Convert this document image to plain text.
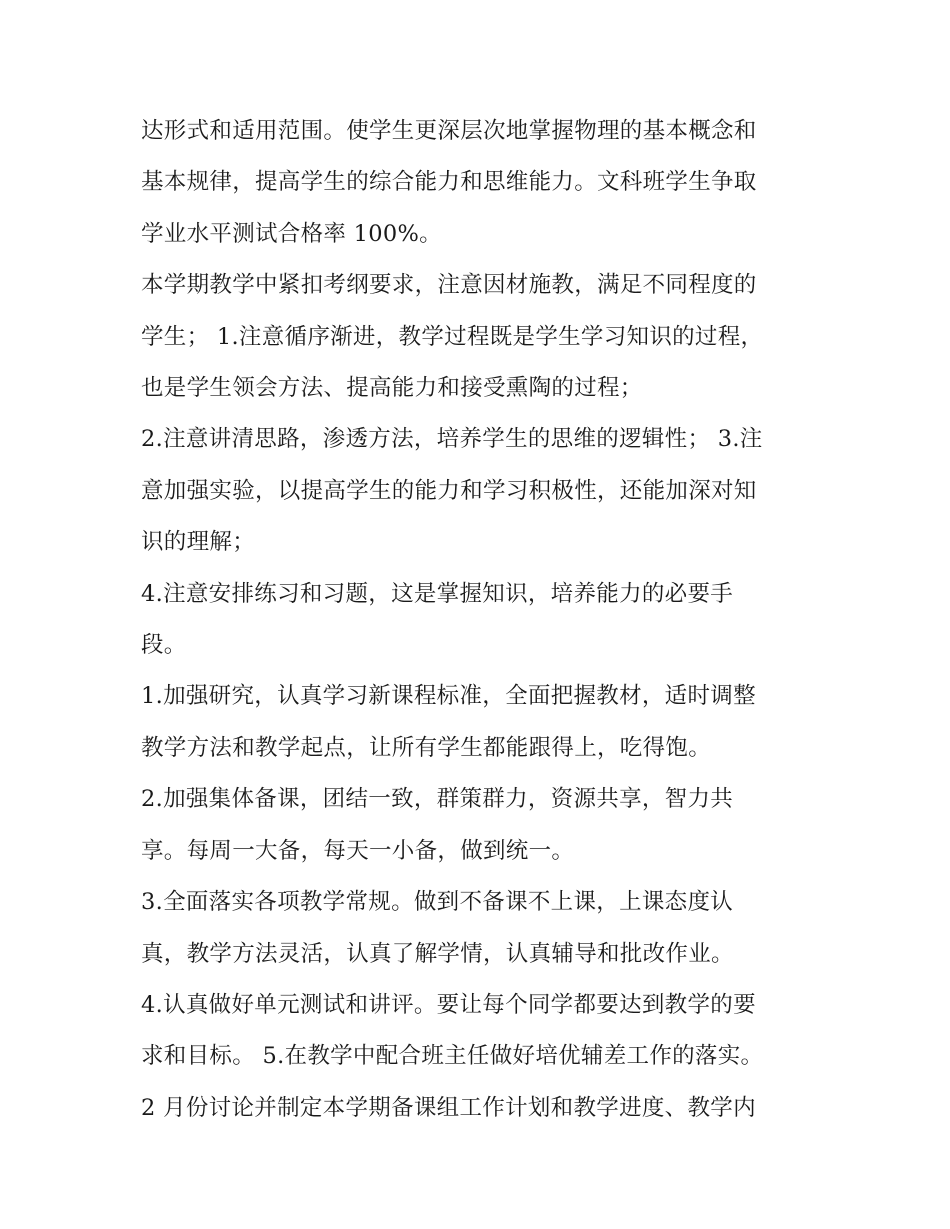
达形式和适用范围。使学生更深层次地掌握物理的基本概念和
基本规律，提高学生的综合能力和思维能力。文科班学生争取
学业水平测试合格率 100%。

本学期教学中紧扣考纲要求，注意因材施教，满足不同程度的
学生； 1.注意循序渐进，教学过程既是学生学习知识的过程，
也是学生领会方法、提高能力和接受熏陶的过程；

2.注意讲清思路，渗透方法，培养学生的思维的逻辑性； 3.注
意加强实验，以提高学生的能力和学习积极性，还能加深对知
识的理解；

4.注意安排练习和习题，这是掌握知识，培养能力的必要手
段。

1.加强研究，认真学习新课程标准，全面把握教材，适时调整
教学方法和教学起点，让所有学生都能跟得上，吃得饱。

2.加强集体备课，团结一致，群策群力，资源共享，智力共
享。每周一大备，每天一小备，做到统一。

3.全面落实各项教学常规。做到不备课不上课，上课态度认
真，教学方法灵活，认真了解学情，认真辅导和批改作业。

4.认真做好单元测试和讲评。要让每个同学都要达到教学的要
求和目标。 5.在教学中配合班主任做好培优辅差工作的落实。

2 月份讨论并制定本学期备课组工作计划和教学进度、教学内
